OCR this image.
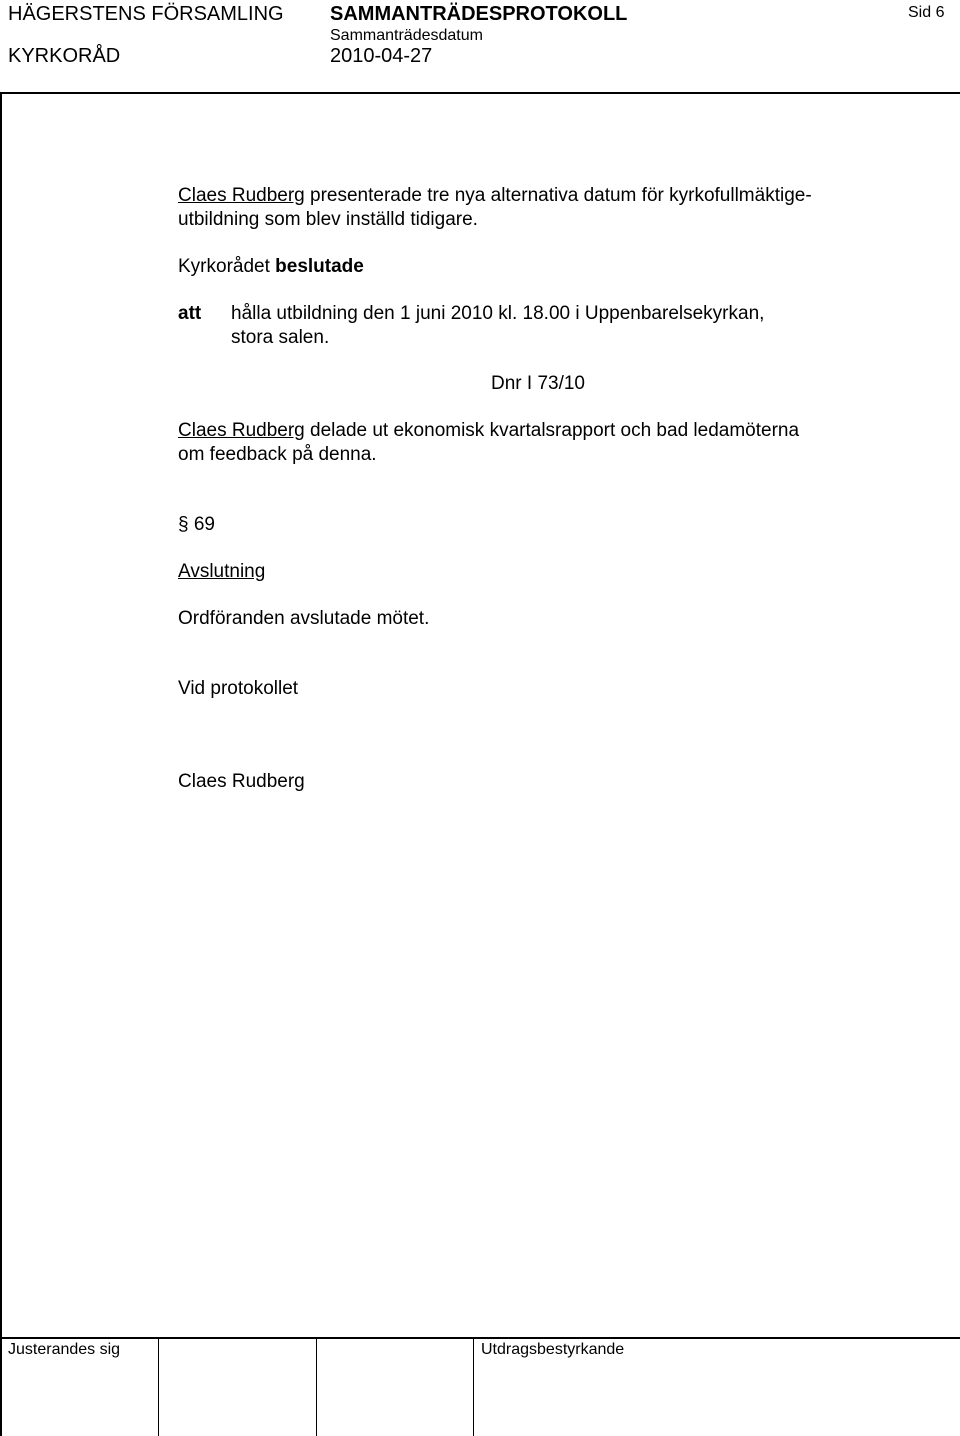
HÄGERSTENS FÖRSAMLING
KYRKORÅD
SAMMANTRÄDESPROTOKOLL
Sammanträdesdatum
2010-04-27
Sid 6
Claes Rudberg presenterade tre nya alternativa datum för kyrkofullmäktige-
utbildning som blev inställd tidigare.
Kyrkorådet beslutade
att hålla utbildning den 1 juni 2010 kl. 18.00 i Uppenbarelsekyrkan,
stora salen.
Dnr I 73/10
Claes Rudberg delade ut ekonomisk kvartalsrapport och bad ledamöterna
om feedback på denna.
§ 69
Avslutning
Ordföranden avslutade mötet.
Vid protokollet
Claes Rudberg
Justerandes sig	Utdragsbestyrkande
